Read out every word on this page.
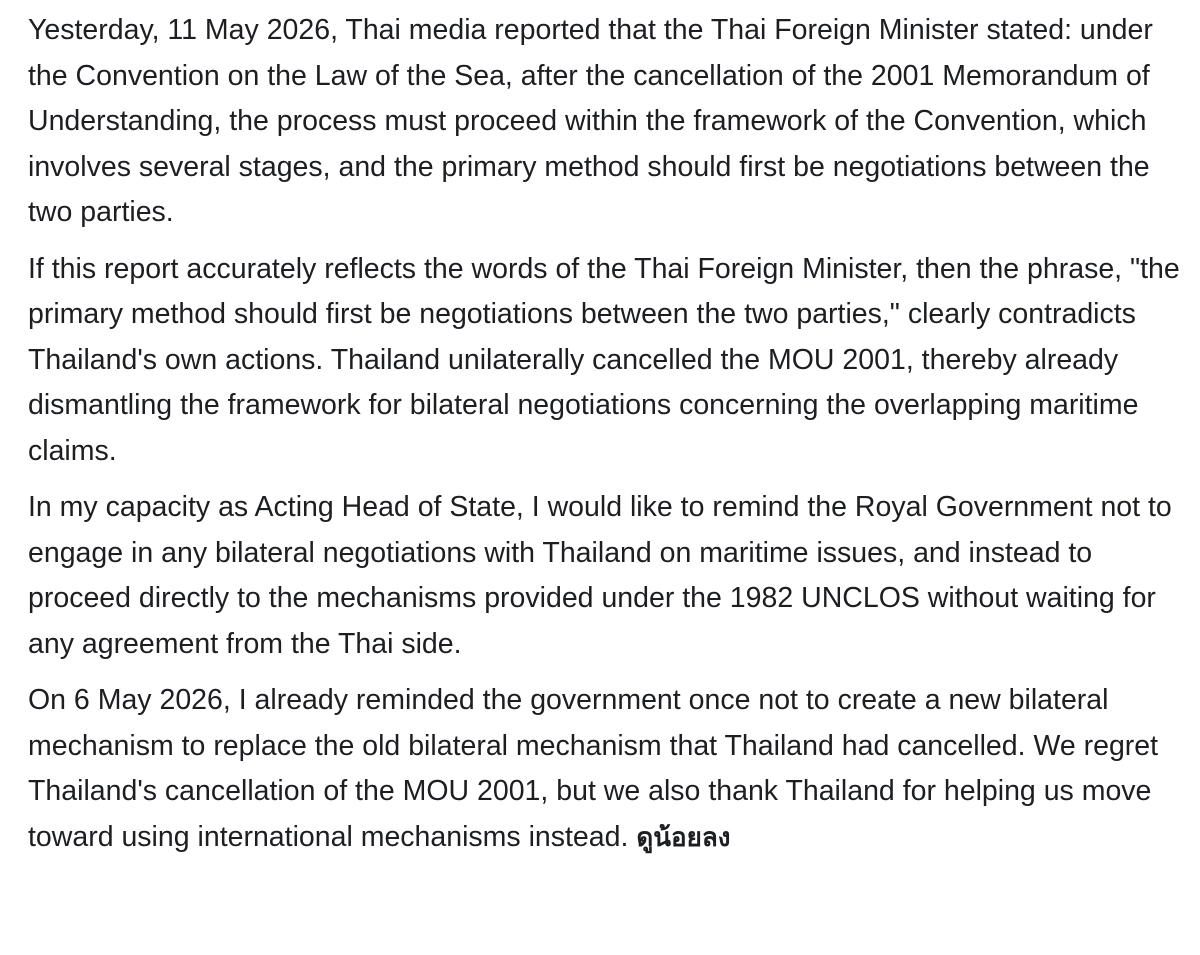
Yesterday, 11 May 2026, Thai media reported that the Thai Foreign Minister stated: under the Convention on the Law of the Sea, after the cancellation of the 2001 Memorandum of Understanding, the process must proceed within the framework of the Convention, which involves several stages, and the primary method should first be negotiations between the two parties.

If this report accurately reflects the words of the Thai Foreign Minister, then the phrase, "the primary method should first be negotiations between the two parties," clearly contradicts Thailand's own actions. Thailand unilaterally cancelled the MOU 2001, thereby already dismantling the framework for bilateral negotiations concerning the overlapping maritime claims.

In my capacity as Acting Head of State, I would like to remind the Royal Government not to engage in any bilateral negotiations with Thailand on maritime issues, and instead to proceed directly to the mechanisms provided under the 1982 UNCLOS without waiting for any agreement from the Thai side.

On 6 May 2026, I already reminded the government once not to create a new bilateral mechanism to replace the old bilateral mechanism that Thailand had cancelled. We regret Thailand's cancellation of the MOU 2001, but we also thank Thailand for helping us move toward using international mechanisms instead. ดูน้อยลง
